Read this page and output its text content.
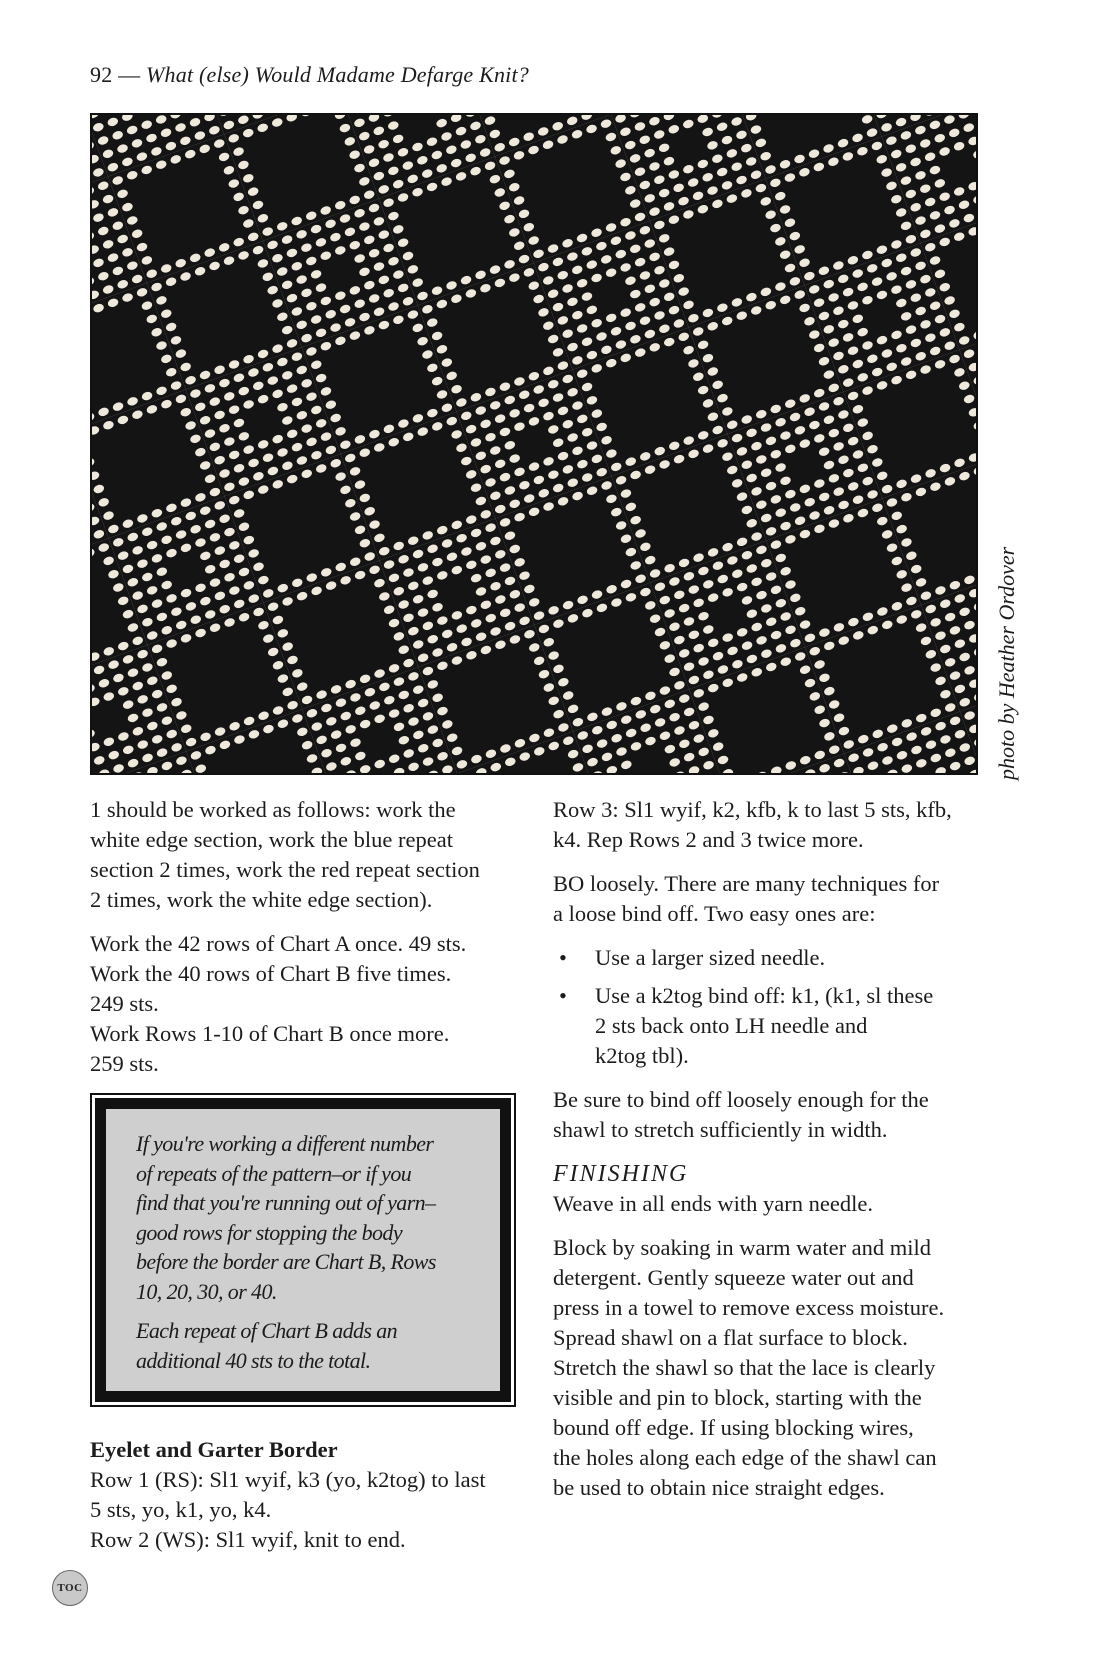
92 — What (else) Would Madame Defarge Knit?
photo by Heather Ordover

1 should be worked as follows: work the
white edge section, work the blue repeat
section 2 times, work the red repeat section
2 times, work the white edge section).

Work the 42 rows of Chart A once. 49 sts.
Work the 40 rows of Chart B five times.
249 sts.
Work Rows 1-10 of Chart B once more.
259 sts.

If you're working a different number
of repeats of the pattern–or if you
find that you're running out of yarn–
good rows for stopping the body
before the border are Chart B, Rows
10, 20, 30, or 40.

Each repeat of Chart B adds an
additional 40 sts to the total.

Eyelet and Garter Border
Row 1 (RS): Sl1 wyif, k3 (yo, k2tog) to last
5 sts, yo, k1, yo, k4.
Row 2 (WS): Sl1 wyif, knit to end.

Row 3: Sl1 wyif, k2, kfb, k to last 5 sts, kfb,
k4. Rep Rows 2 and 3 twice more.

BO loosely. There are many techniques for
a loose bind off. Two easy ones are:

• Use a larger sized needle.
• Use a k2tog bind off: k1, (k1, sl these
2 sts back onto LH needle and
k2tog tbl).

Be sure to bind off loosely enough for the
shawl to stretch sufficiently in width.

FINISHING
Weave in all ends with yarn needle.

Block by soaking in warm water and mild
detergent. Gently squeeze water out and
press in a towel to remove excess moisture.
Spread shawl on a flat surface to block.
Stretch the shawl so that the lace is clearly
visible and pin to block, starting with the
bound off edge. If using blocking wires,
the holes along each edge of the shawl can
be used to obtain nice straight edges.

TOC
